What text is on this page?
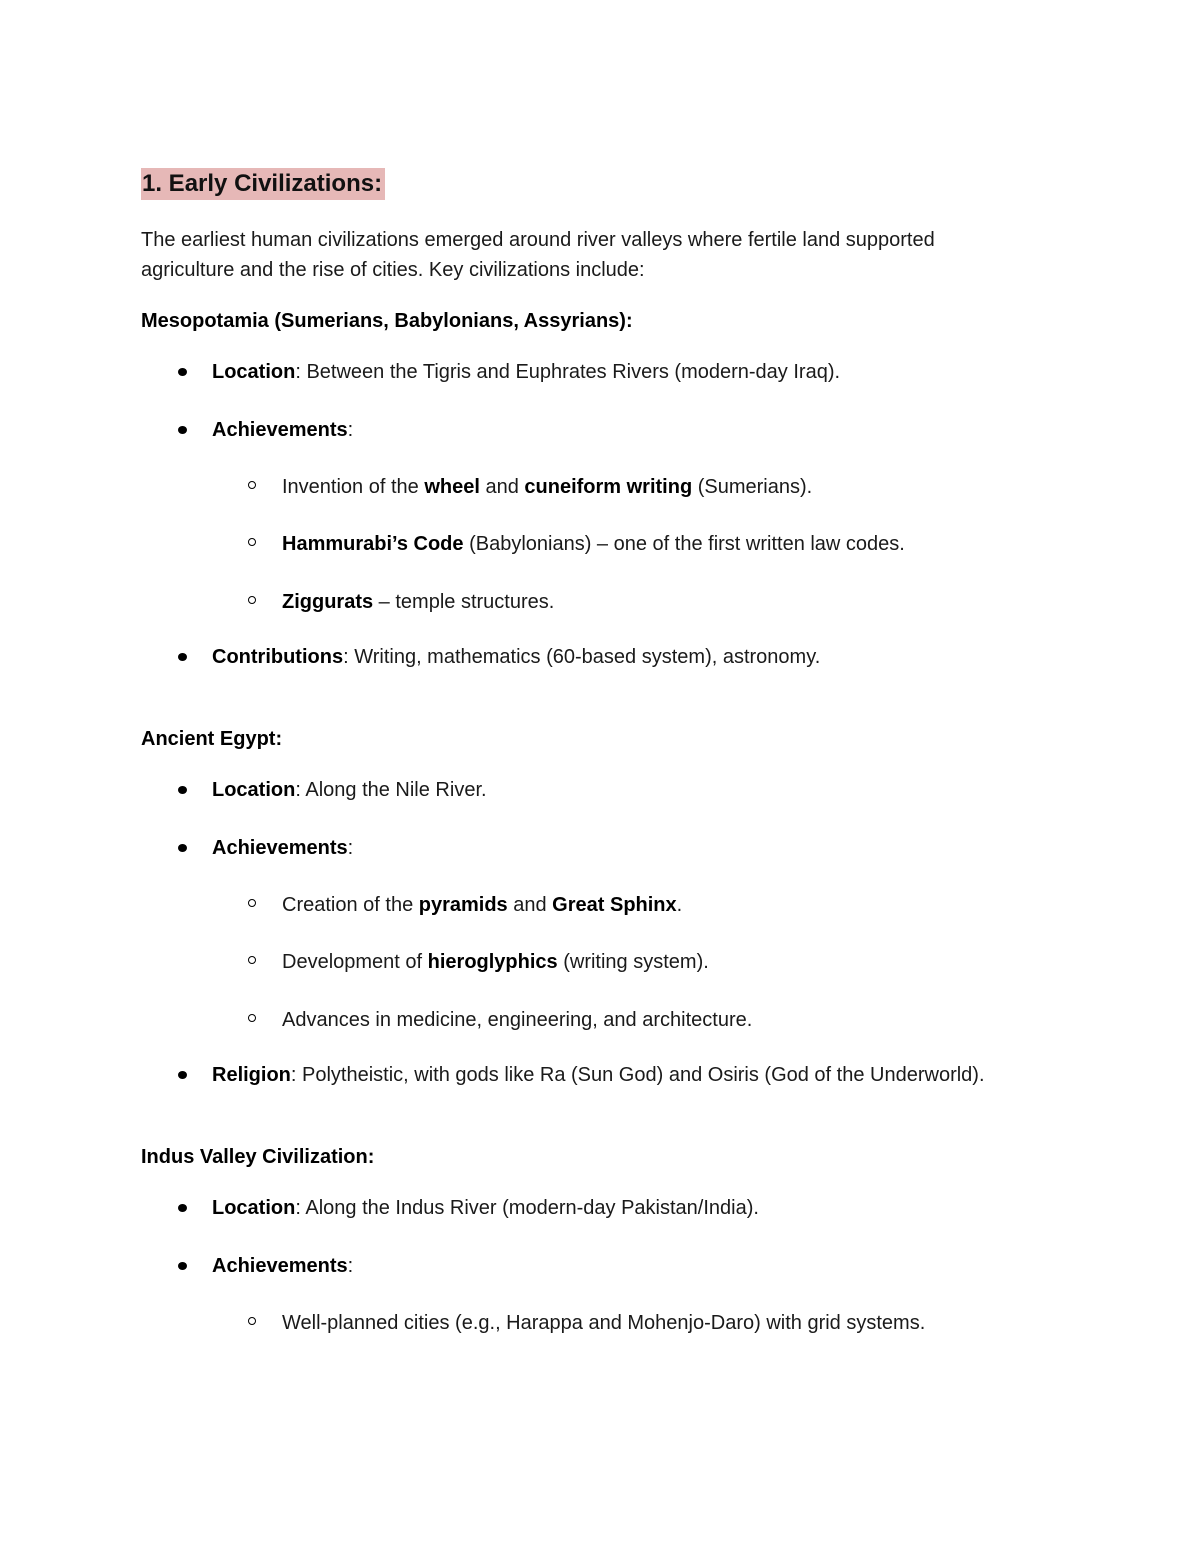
1. Early Civilizations:
The earliest human civilizations emerged around river valleys where fertile land supported
agriculture and the rise of cities. Key civilizations include:
Mesopotamia (Sumerians, Babylonians, Assyrians):
Location: Between the Tigris and Euphrates Rivers (modern-day Iraq).
Achievements:
Invention of the wheel and cuneiform writing (Sumerians).
Hammurabi’s Code (Babylonians) – one of the first written law codes.
Ziggurats – temple structures.
Contributions: Writing, mathematics (60-based system), astronomy.
Ancient Egypt:
Location: Along the Nile River.
Achievements:
Creation of the pyramids and Great Sphinx.
Development of hieroglyphics (writing system).
Advances in medicine, engineering, and architecture.
Religion: Polytheistic, with gods like Ra (Sun God) and Osiris (God of the Underworld).
Indus Valley Civilization:
Location: Along the Indus River (modern-day Pakistan/India).
Achievements:
Well-planned cities (e.g., Harappa and Mohenjo-Daro) with grid systems.
